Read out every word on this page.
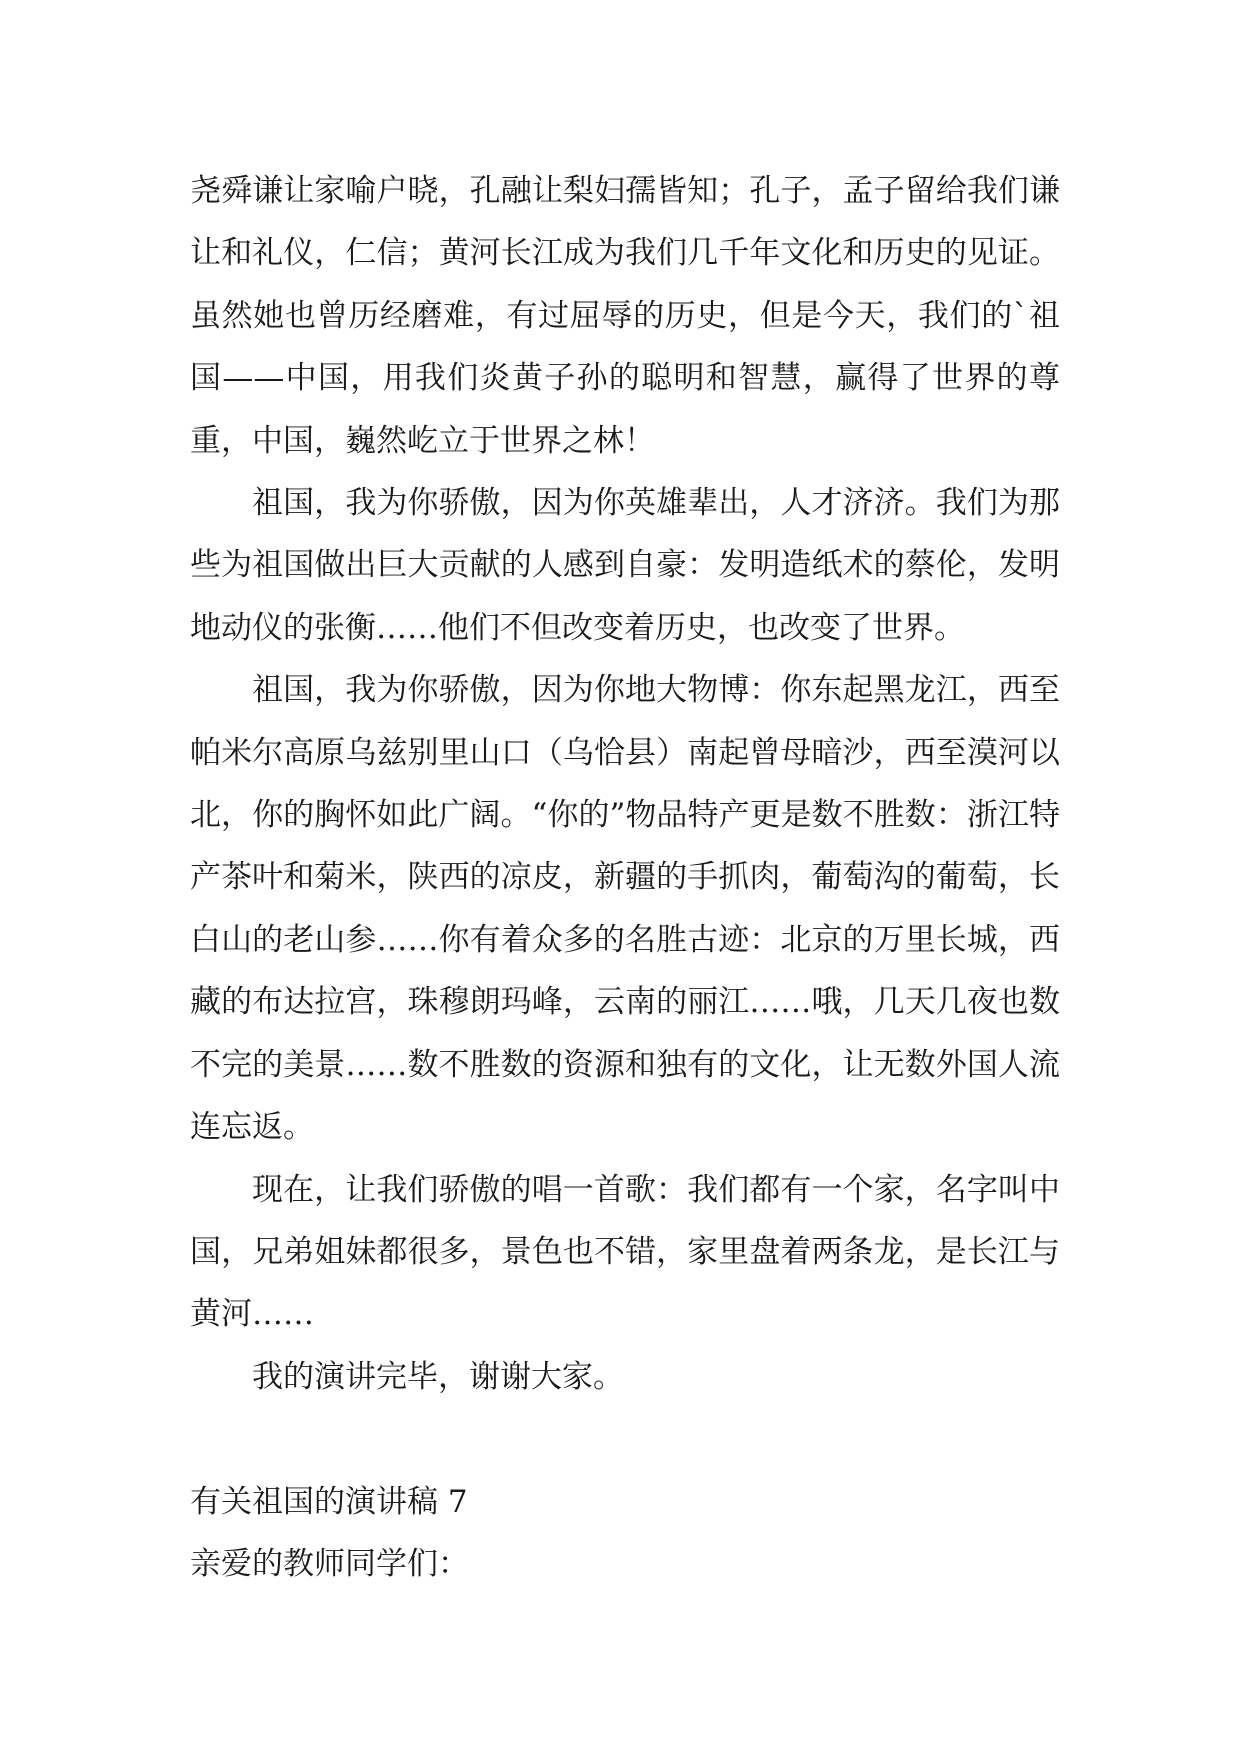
尧舜谦让家喻户晓，孔融让梨妇孺皆知；孔子，孟子留给我们谦让和礼仪，仁信；黄河长江成为我们几千年文化和历史的见证。虽然她也曾历经磨难，有过屈辱的历史，但是今天，我们的`祖国——中国，用我们炎黄子孙的聪明和智慧，赢得了世界的尊重，中国，巍然屹立于世界之林！

祖国，我为你骄傲，因为你英雄辈出，人才济济。我们为那些为祖国做出巨大贡献的人感到自豪：发明造纸术的蔡伦，发明地动仪的张衡……他们不但改变着历史，也改变了世界。

祖国，我为你骄傲，因为你地大物博：你东起黑龙江，西至帕米尔高原乌兹别里山口（乌恰县）南起曾母暗沙，西至漠河以北，你的胸怀如此广阔。“你的”物品特产更是数不胜数：浙江特产茶叶和菊米，陕西的凉皮，新疆的手抓肉，葡萄沟的葡萄，长白山的老山参……你有着众多的名胜古迹：北京的万里长城，西藏的布达拉宫，珠穆朗玛峰，云南的丽江……哦，几天几夜也数不完的美景……数不胜数的资源和独有的文化，让无数外国人流连忘返。

现在，让我们骄傲的唱一首歌：我们都有一个家，名字叫中国，兄弟姐妹都很多，景色也不错，家里盘着两条龙，是长江与黄河……

我的演讲完毕，谢谢大家。

有关祖国的演讲稿 7

亲爱的教师同学们：
